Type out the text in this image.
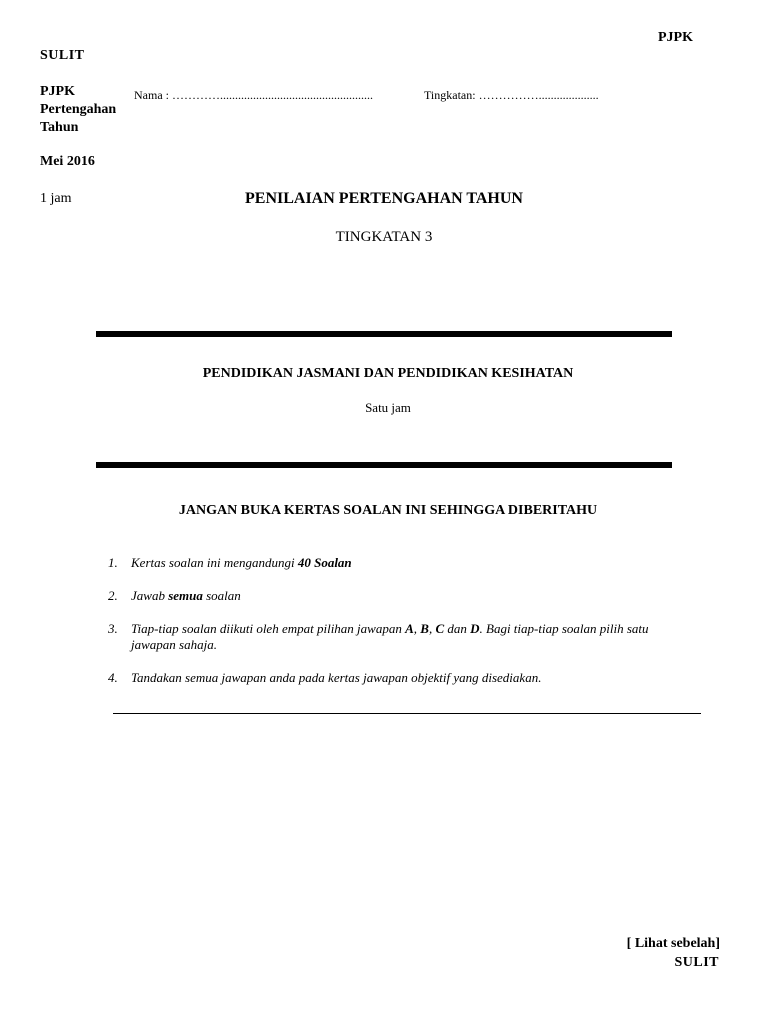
PJPK
SULIT
PJPK
Pertengahan
Tahun
Nama : …………...................................................	Tingkatan: ……………....................
Mei 2016
1 jam	PENILAIAN PERTENGAHAN TAHUN
TINGKATAN 3
PENDIDIKAN JASMANI DAN PENDIDIKAN KESIHATAN
Satu jam
JANGAN BUKA KERTAS SOALAN INI SEHINGGA DIBERITAHU
1. Kertas soalan ini mengandungi 40 Soalan
2. Jawab semua soalan
3. Tiap-tiap soalan diikuti oleh empat pilihan jawapan A, B, C dan D. Bagi tiap-tiap soalan pilih satu jawapan sahaja.
4. Tandakan semua jawapan anda pada kertas jawapan objektif yang disediakan.
[ Lihat sebelah]
SULIT
